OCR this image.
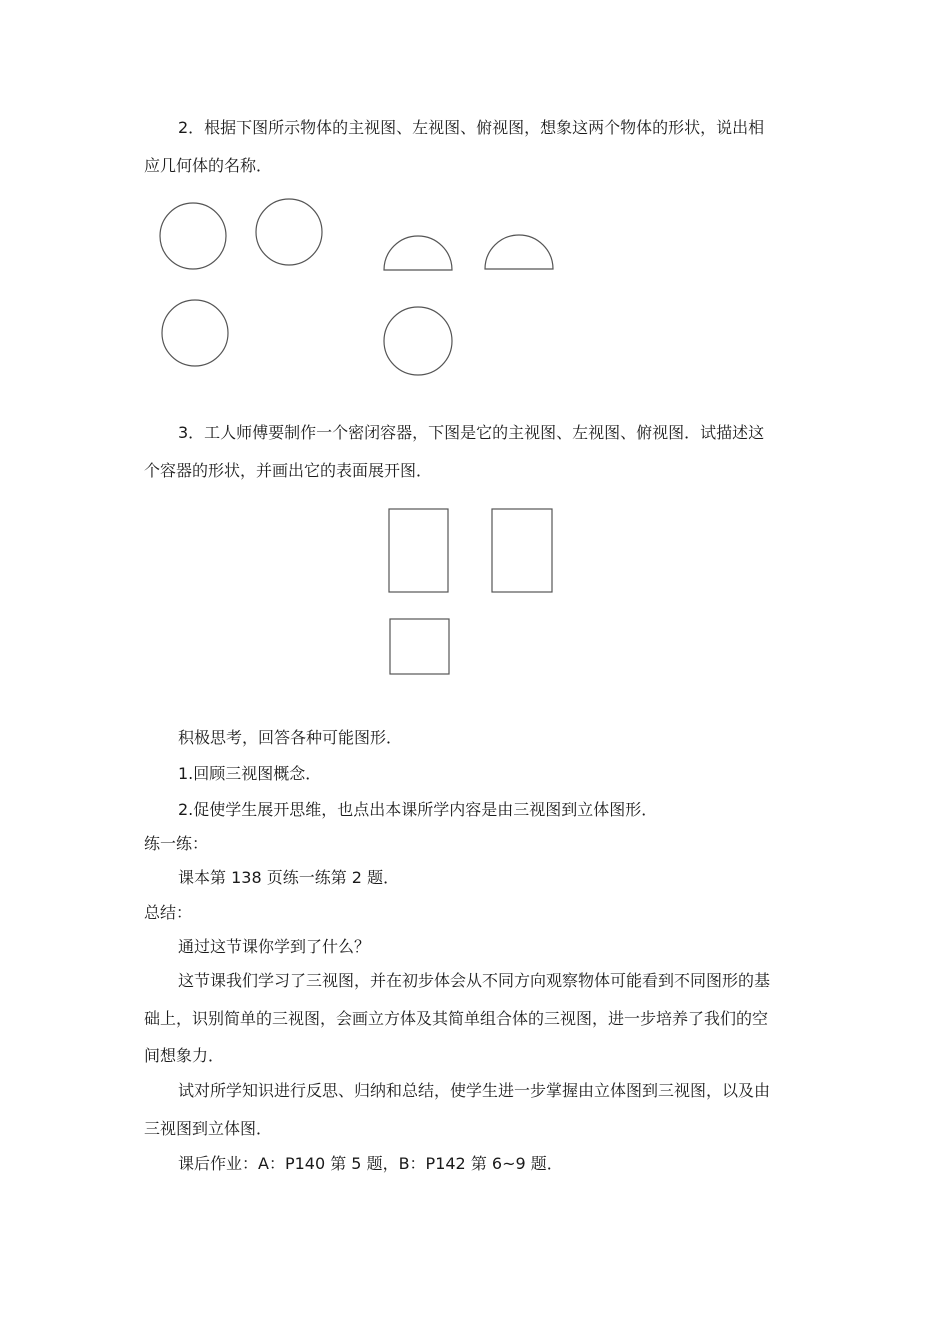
2．根据下图所示物体的主视图、左视图、俯视图，想象这两个物体的形状，说出相
应几何体的名称．
3．工人师傅要制作一个密闭容器，下图是它的主视图、左视图、俯视图．试描述这
个容器的形状，并画出它的表面展开图．
积极思考，回答各种可能图形．
1.回顾三视图概念．
2.促使学生展开思维，也点出本课所学内容是由三视图到立体图形．
练一练：
课本第 138 页练一练第 2 题．
总结：
通过这节课你学到了什么？
这节课我们学习了三视图，并在初步体会从不同方向观察物体可能看到不同图形的基
础上，识别简单的三视图，会画立方体及其简单组合体的三视图，进一步培养了我们的空
间想象力．
试对所学知识进行反思、归纳和总结，使学生进一步掌握由立体图到三视图，以及由
三视图到立体图．
课后作业：A：P140 第 5 题，B：P142 第 6~9 题．
